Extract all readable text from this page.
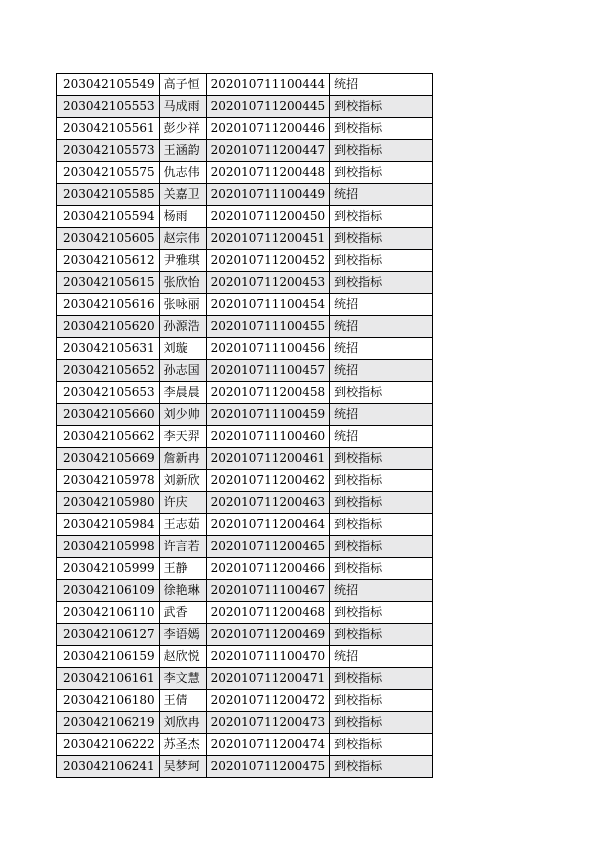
203042105549	高子恒	202010711100444	统招
203042105553	马成雨	202010711200445	到校指标
203042105561	彭少祥	202010711200446	到校指标
203042105573	王涵韵	202010711200447	到校指标
203042105575	仇志伟	202010711200448	到校指标
203042105585	关嘉卫	202010711100449	统招
203042105594	杨雨	202010711200450	到校指标
203042105605	赵宗伟	202010711200451	到校指标
203042105612	尹雅琪	202010711200452	到校指标
203042105615	张欣怡	202010711200453	到校指标
203042105616	张咏丽	202010711100454	统招
203042105620	孙源浩	202010711100455	统招
203042105631	刘璇	202010711100456	统招
203042105652	孙志国	202010711100457	统招
203042105653	李晨晨	202010711200458	到校指标
203042105660	刘少帅	202010711100459	统招
203042105662	李天羿	202010711100460	统招
203042105669	詹新冉	202010711200461	到校指标
203042105978	刘新欣	202010711200462	到校指标
203042105980	许庆	202010711200463	到校指标
203042105984	王志茹	202010711200464	到校指标
203042105998	许言若	202010711200465	到校指标
203042105999	王静	202010711200466	到校指标
203042106109	徐艳琳	202010711100467	统招
203042106110	武香	202010711200468	到校指标
203042106127	李语嫣	202010711200469	到校指标
203042106159	赵欣悦	202010711100470	统招
203042106161	李文慧	202010711200471	到校指标
203042106180	王倩	202010711200472	到校指标
203042106219	刘欣冉	202010711200473	到校指标
203042106222	苏圣杰	202010711200474	到校指标
203042106241	吴梦珂	202010711200475	到校指标
